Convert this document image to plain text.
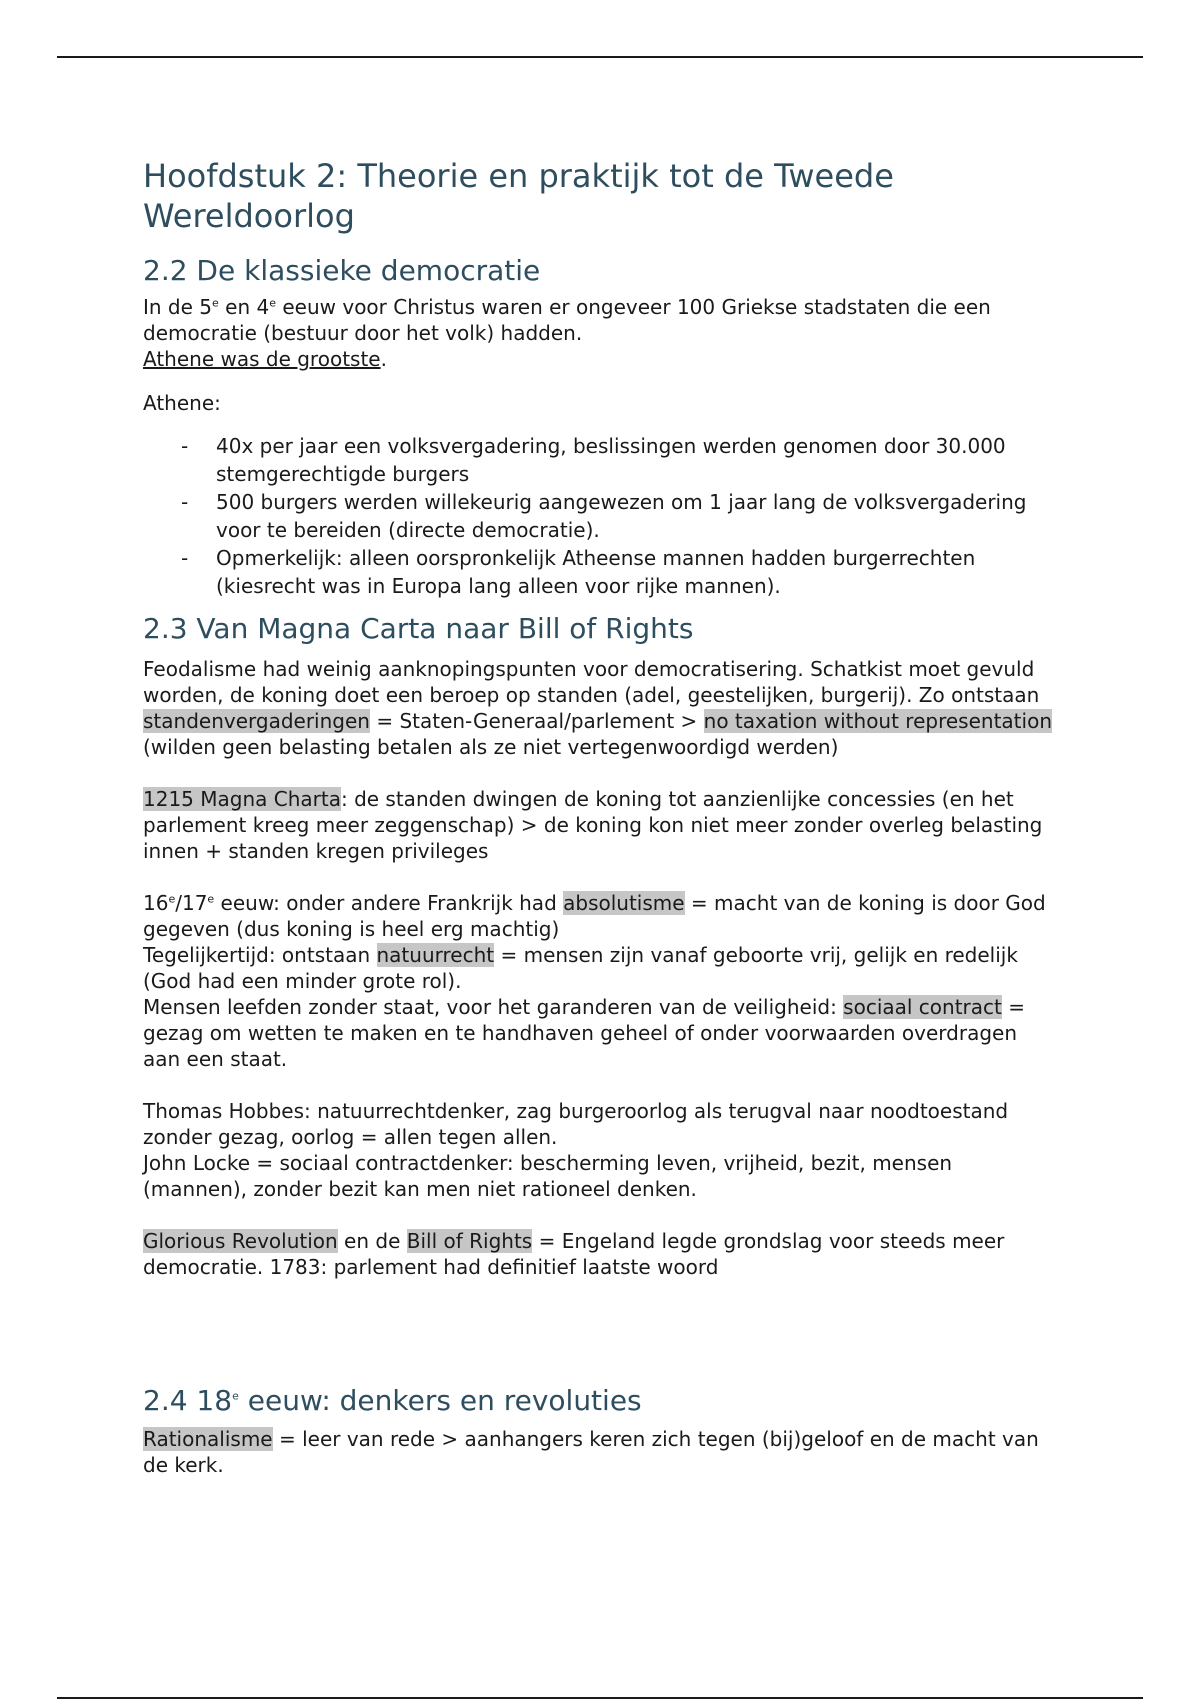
Hoofdstuk 2: Theorie en praktijk tot de Tweede Wereldoorlog
2.2 De klassieke democratie

In de 5e en 4e eeuw voor Christus waren er ongeveer 100 Griekse stadstaten die een democratie (bestuur door het volk) hadden.

Athene was de grootste.

Athene:

- 40x per jaar een volksvergadering, beslissingen werden genomen door 30.000 stemgerechtigde burgers
- 500 burgers werden willekeurig aangewezen om 1 jaar lang de volksvergadering voor te bereiden (directe democratie).
- Opmerkelijk: alleen oorspronkelijk Atheense mannen hadden burgerrechten (kiesrecht was in Europa lang alleen voor rijke mannen).
2.3 Van Magna Carta naar Bill of Rights

Feodalisme had weinig aanknopingspunten voor democratisering. Schatkist moet gevuld worden, de koning doet een beroep op standen (adel, geestelijken, burgerij). Zo ontstaan standenvergaderingen = Staten-Generaal/parlement > no taxation without representation (wilden geen belasting betalen als ze niet vertegenwoordigd werden)

1215 Magna Charta: de standen dwingen de koning tot aanzienlijke concessies (en het parlement kreeg meer zeggenschap) > de koning kon niet meer zonder overleg belasting innen + standen kregen privileges

16e/17e eeuw: onder andere Frankrijk had absolutisme = macht van de koning is door God gegeven (dus koning is heel erg machtig)

Tegelijkertijd: ontstaan natuurrecht = mensen zijn vanaf geboorte vrij, gelijk en redelijk (God had een minder grote rol).

Mensen leefden zonder staat, voor het garanderen van de veiligheid: sociaal contract = gezag om wetten te maken en te handhaven geheel of onder voorwaarden overdragen aan een staat.

Thomas Hobbes: natuurrechtdenker, zag burgeroorlog als terugval naar noodtoestand zonder gezag, oorlog = allen tegen allen.

John Locke = sociaal contractdenker: bescherming leven, vrijheid, bezit, mensen (mannen), zonder bezit kan men niet rationeel denken.

Glorious Revolution en de Bill of Rights = Engeland legde grondslag voor steeds meer democratie. 1783: parlement had definitief laatste woord

2.4 18e eeuw: denkers en revoluties

Rationalisme = leer van rede > aanhangers keren zich tegen (bij)geloof en de macht van de kerk.
